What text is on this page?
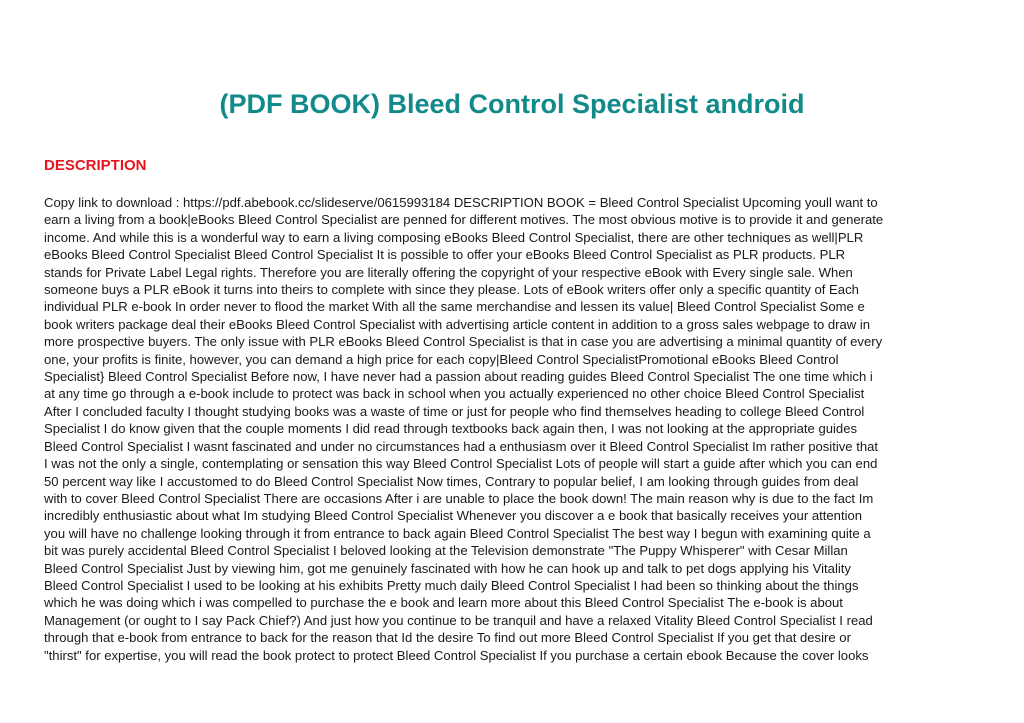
(PDF BOOK) Bleed Control Specialist android
DESCRIPTION
Copy link to download : https://pdf.abebook.cc/slideserve/0615993184 DESCRIPTION BOOK = Bleed Control Specialist Upcoming youll want to
earn a living from a book|eBooks Bleed Control Specialist are penned for different motives. The most obvious motive is to provide it and generate
income. And while this is a wonderful way to earn a living composing eBooks Bleed Control Specialist, there are other techniques as well|PLR
eBooks Bleed Control Specialist Bleed Control Specialist It is possible to offer your eBooks Bleed Control Specialist as PLR products. PLR
stands for Private Label Legal rights. Therefore you are literally offering the copyright of your respective eBook with Every single sale. When
someone buys a PLR eBook it turns into theirs to complete with since they please. Lots of eBook writers offer only a specific quantity of Each
individual PLR e-book In order never to flood the market With all the same merchandise and lessen its value| Bleed Control Specialist Some e
book writers package deal their eBooks Bleed Control Specialist with advertising article content in addition to a gross sales webpage to draw in
more prospective buyers. The only issue with PLR eBooks Bleed Control Specialist is that in case you are advertising a minimal quantity of every
one, your profits is finite, however, you can demand a high price for each copy|Bleed Control SpecialistPromotional eBooks Bleed Control
Specialist} Bleed Control Specialist Before now, I have never had a passion about reading guides Bleed Control Specialist The one time which i
at any time go through a e-book include to protect was back in school when you actually experienced no other choice Bleed Control Specialist
After I concluded faculty I thought studying books was a waste of time or just for people who find themselves heading to college Bleed Control
Specialist I do know given that the couple moments I did read through textbooks back again then, I was not looking at the appropriate guides
Bleed Control Specialist I wasnt fascinated and under no circumstances had a enthusiasm over it Bleed Control Specialist Im rather positive that
I was not the only a single, contemplating or sensation this way Bleed Control Specialist Lots of people will start a guide after which you can end
50 percent way like I accustomed to do Bleed Control Specialist Now times, Contrary to popular belief, I am looking through guides from deal
with to cover Bleed Control Specialist There are occasions After i are unable to place the book down! The main reason why is due to the fact Im
incredibly enthusiastic about what Im studying Bleed Control Specialist Whenever you discover a e book that basically receives your attention
you will have no challenge looking through it from entrance to back again Bleed Control Specialist The best way I begun with examining quite a
bit was purely accidental Bleed Control Specialist I beloved looking at the Television demonstrate "The Puppy Whisperer" with Cesar Millan
Bleed Control Specialist Just by viewing him, got me genuinely fascinated with how he can hook up and talk to pet dogs applying his Vitality
Bleed Control Specialist I used to be looking at his exhibits Pretty much daily Bleed Control Specialist I had been so thinking about the things
which he was doing which i was compelled to purchase the e book and learn more about this Bleed Control Specialist The e-book is about
Management (or ought to I say Pack Chief?) And just how you continue to be tranquil and have a relaxed Vitality Bleed Control Specialist I read
through that e-book from entrance to back for the reason that Id the desire To find out more Bleed Control Specialist If you get that desire or
"thirst" for expertise, you will read the book protect to protect Bleed Control Specialist If you purchase a certain ebook Because the cover looks
